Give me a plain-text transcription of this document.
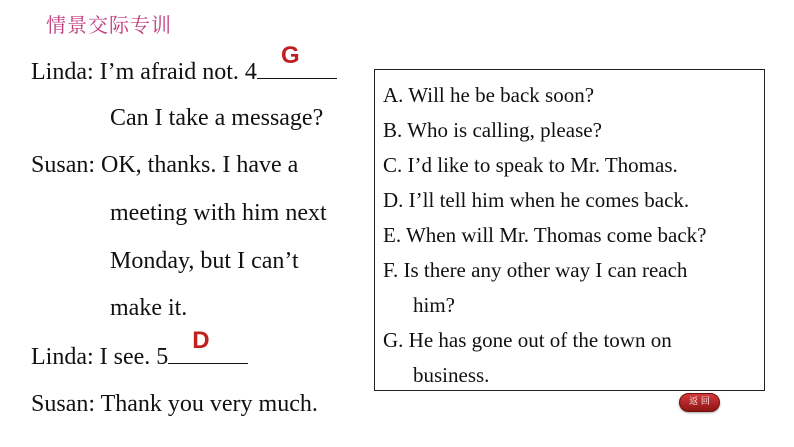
情景交际专训
Linda: I’m afraid not. 4
G
Can I take a message?
Susan: OK, thanks. I have a
meeting with him next
Monday, but I can’t
make it.
Linda: I see. 5
D
Susan: Thank you very much.
A. Will he be back soon?
B. Who is calling, please?
C. I’d like to speak to Mr. Thomas.
D. I’ll tell him when he comes back.
E. When will Mr. Thomas come back?
F. Is there any other way I can reach
him?
G. He has gone out of the town on
business.
返 回
